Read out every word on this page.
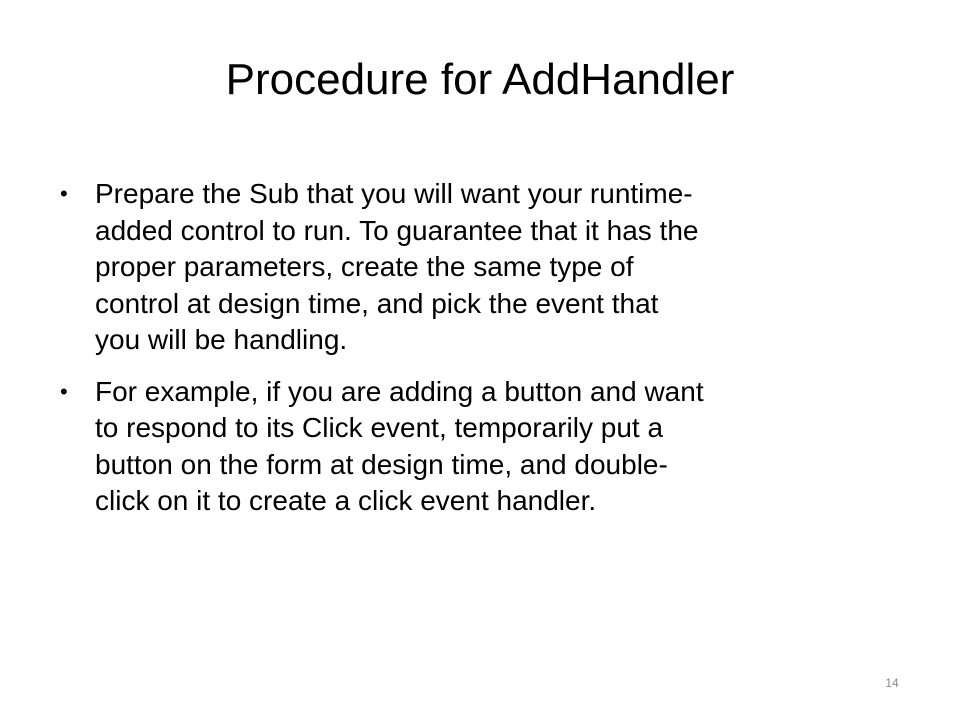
Procedure for AddHandler
• Prepare the Sub that you will want your runtime-
added control to run. To guarantee that it has the
proper parameters, create the same type of
control at design time, and pick the event that
you will be handling.
• For example, if you are adding a button and want
to respond to its Click event, temporarily put a
button on the form at design time, and double-
click on it to create a click event handler.
14
